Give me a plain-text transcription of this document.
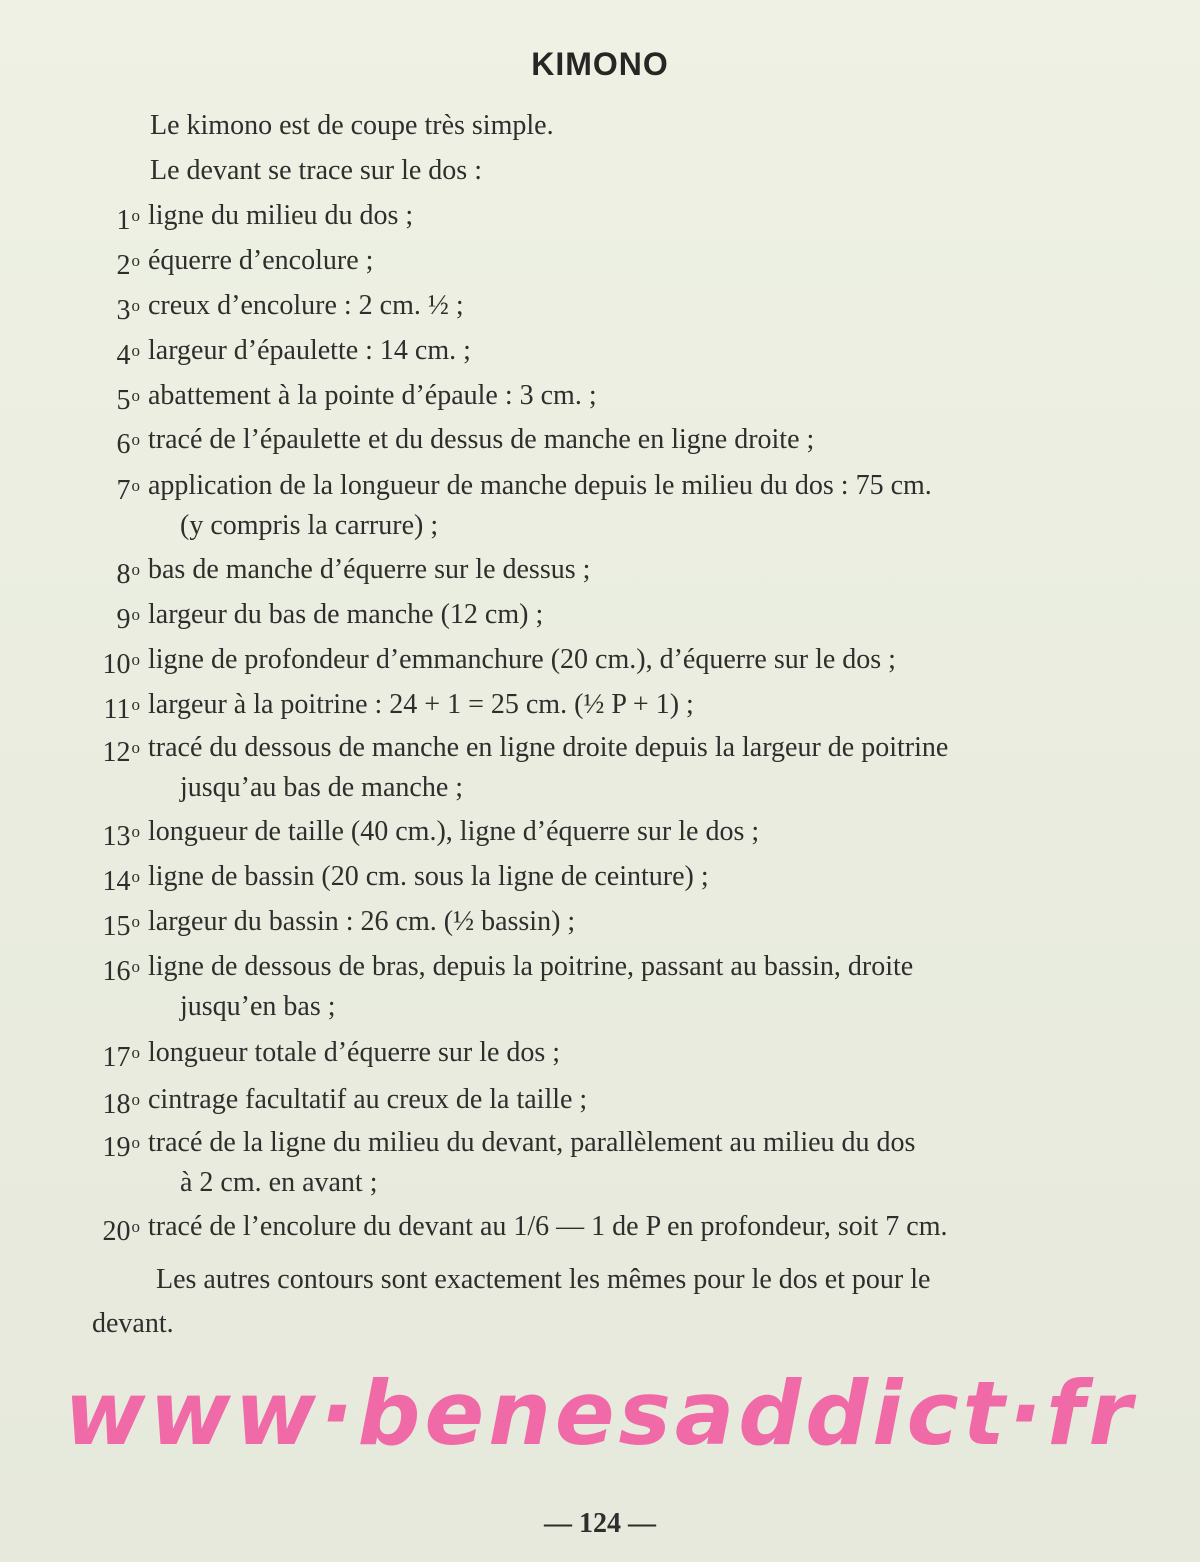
KIMONO
Le kimono est de coupe très simple.
Le devant se trace sur le dos :
1$^o$ ligne du milieu du dos ;
2$^o$ équerre d’encolure ;
3$^o$ creux d’encolure : 2 cm. ½ ;
4$^o$ largeur d’épaulette : 14 cm. ;
5$^o$ abattement à la pointe d’épaule : 3 cm. ;
6$^o$ tracé de l’épaulette et du dessus de manche en ligne droite ;
7$^o$ application de la longueur de manche depuis le milieu du dos : 75 cm.
(y compris la carrure) ;
8$^o$ bas de manche d’équerre sur le dessus ;
9$^o$ largeur du bas de manche (12 cm) ;
10$^o$ ligne de profondeur d’emmanchure (20 cm.), d’équerre sur le dos ;
11$^o$ largeur à la poitrine : 24 + 1 = 25 cm. (½ P + 1) ;
12$^o$ tracé du dessous de manche en ligne droite depuis la largeur de poitrine
jusqu’au bas de manche ;
13$^o$ longueur de taille (40 cm.), ligne d’équerre sur le dos ;
14$^o$ ligne de bassin (20 cm. sous la ligne de ceinture) ;
15$^o$ largeur du bassin : 26 cm. (½ bassin) ;
16$^o$ ligne de dessous de bras, depuis la poitrine, passant au bassin, droite
jusqu’en bas ;
17$^o$ longueur totale d’équerre sur le dos ;
18$^o$ cintrage facultatif au creux de la taille ;
19$^o$ tracé de la ligne du milieu du devant, parallèlement au milieu du dos
à 2 cm. en avant ;
20$^o$ tracé de l’encolure du devant au 1/6 — 1 de P en profondeur, soit 7 cm.
Les autres contours sont exactement les mêmes pour le dos et pour le
devant.
www·benesaddict·fr
— 124 —
